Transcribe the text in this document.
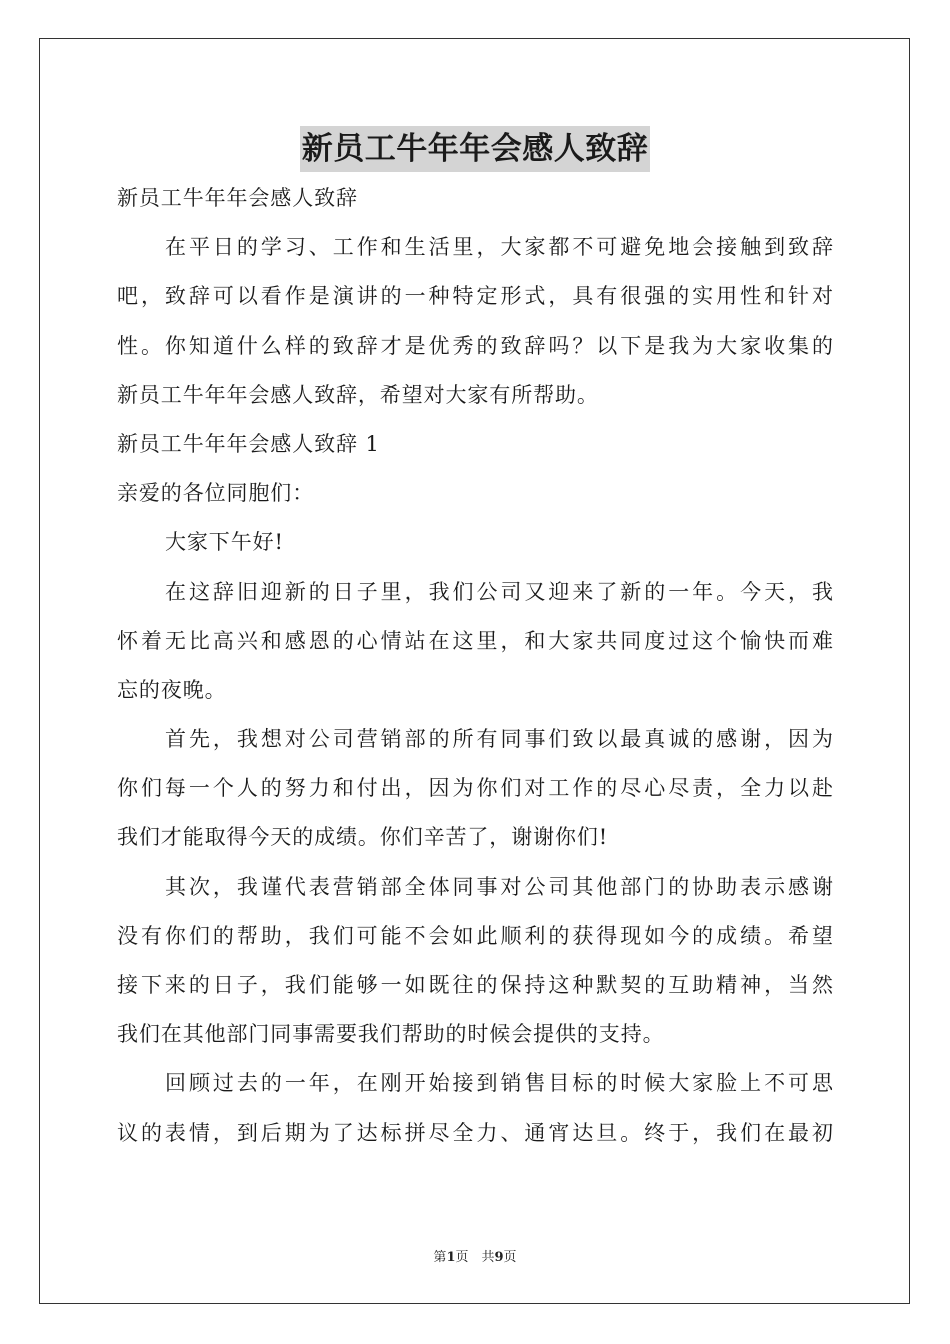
新员工牛年年会感人致辞
新员工牛年年会感人致辞
在平日的学习、工作和生活里，大家都不可避免地会接触到致辞
吧，致辞可以看作是演讲的一种特定形式，具有很强的实用性和针对
性。你知道什么样的致辞才是优秀的致辞吗？以下是我为大家收集的
新员工牛年年会感人致辞，希望对大家有所帮助。
新员工牛年年会感人致辞 1
亲爱的各位同胞们：
大家下午好!
在这辞旧迎新的日子里，我们公司又迎来了新的一年。今天，我
怀着无比高兴和感恩的心情站在这里，和大家共同度过这个愉快而难
忘的夜晚。
首先，我想对公司营销部的所有同事们致以最真诚的感谢，因为
你们每一个人的努力和付出，因为你们对工作的尽心尽责，全力以赴
我们才能取得今天的成绩。你们辛苦了，谢谢你们!
其次，我谨代表营销部全体同事对公司其他部门的协助表示感谢
没有你们的帮助，我们可能不会如此顺利的获得现如今的成绩。希望
接下来的日子，我们能够一如既往的保持这种默契的互助精神，当然
我们在其他部门同事需要我们帮助的时候会提供的支持。
回顾过去的一年，在刚开始接到销售目标的时候大家脸上不可思
议的表情，到后期为了达标拼尽全力、通宵达旦。终于，我们在最初
第1页　共9页
